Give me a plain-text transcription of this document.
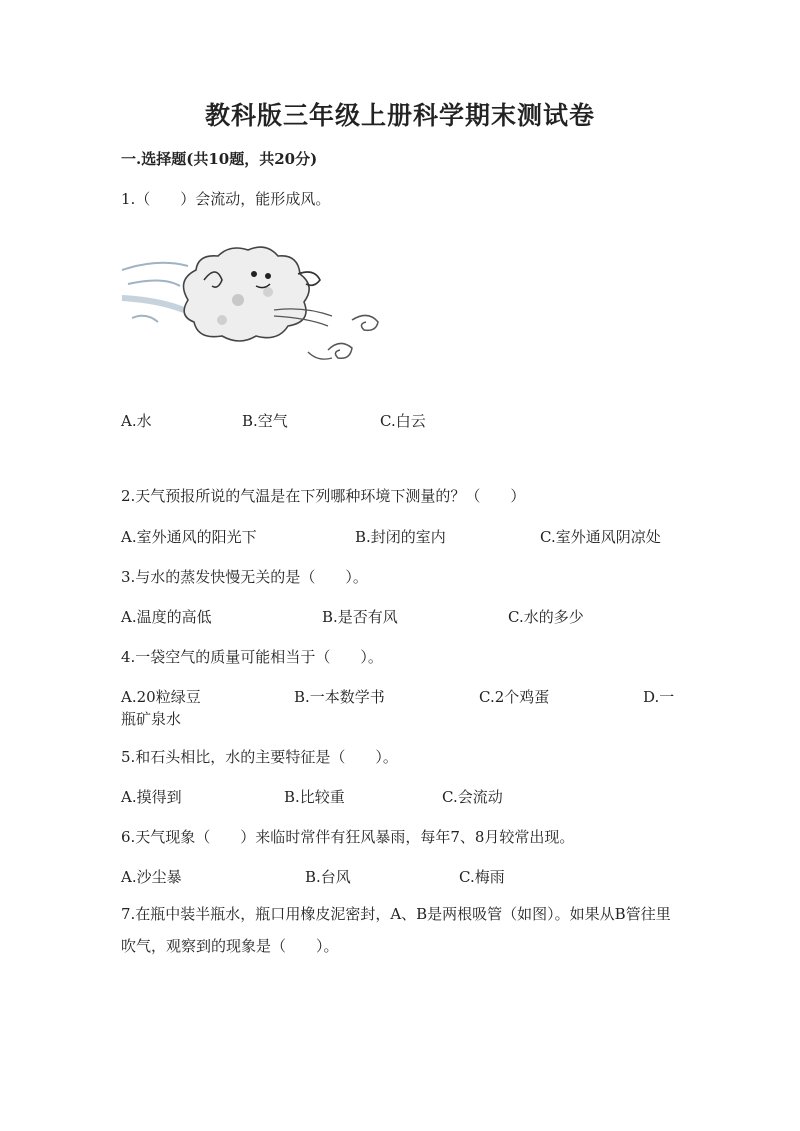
教科版三年级上册科学期末测试卷
一.选择题(共10题，共20分)
1.（　　）会流动，能形成风。
A.水	B.空气	C.白云
2.天气预报所说的气温是在下列哪种环境下测量的？（　　）
A.室外通风的阳光下	B.封闭的室内	C.室外通风阴凉处
3.与水的蒸发快慢无关的是（　　）。
A.温度的高低	B.是否有风	C.水的多少
4.一袋空气的质量可能相当于（　　）。
A.20粒绿豆	B.一本数学书	C.2个鸡蛋	D.一
瓶矿泉水
5.和石头相比，水的主要特征是（　　）。
A.摸得到	B.比较重	C.会流动
6.天气现象（　　）来临时常伴有狂风暴雨，每年7、8月较常出现。
A.沙尘暴	B.台风	C.梅雨
7.在瓶中装半瓶水，瓶口用橡皮泥密封，A、B是两根吸管（如图）。如果从B管往里吹气，观察到的现象是（　　）。
